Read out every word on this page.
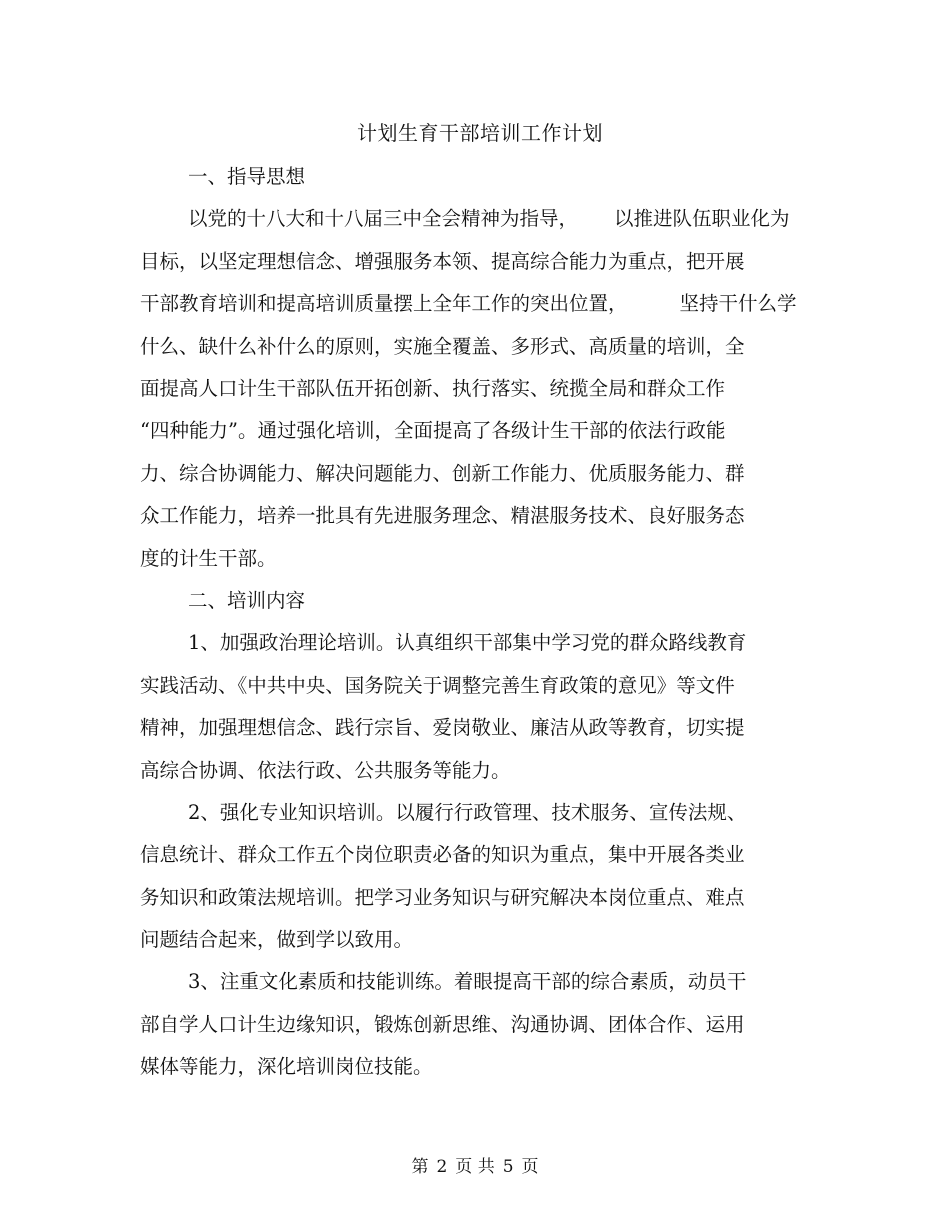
计划生育干部培训工作计划
一、指导思想
以党的十八大和十八届三中全会精神为指导， 以推进队伍职业化为
目标，以坚定理想信念、增强服务本领、提高综合能力为重点，把开展
干部教育培训和提高培训质量摆上全年工作的突出位置，	坚持干什么学
什么、缺什么补什么的原则，实施全覆盖、多形式、高质量的培训，全
面提高人口计生干部队伍开拓创新、执行落实、统揽全局和群众工作
“四种能力”。通过强化培训，全面提高了各级计生干部的依法行政能
力、综合协调能力、解决问题能力、创新工作能力、优质服务能力、群
众工作能力，培养一批具有先进服务理念、精湛服务技术、良好服务态
度的计生干部。
二、培训内容
1、加强政治理论培训。认真组织干部集中学习党的群众路线教育
实践活动、《中共中央、国务院关于调整完善生育政策的意见》等文件
精神，加强理想信念、践行宗旨、爱岗敬业、廉洁从政等教育，切实提
高综合协调、依法行政、公共服务等能力。
2、强化专业知识培训。以履行行政管理、技术服务、宣传法规、
信息统计、群众工作五个岗位职责必备的知识为重点，集中开展各类业
务知识和政策法规培训。把学习业务知识与研究解决本岗位重点、难点
问题结合起来，做到学以致用。
3、注重文化素质和技能训练。着眼提高干部的综合素质，动员干
部自学人口计生边缘知识，锻炼创新思维、沟通协调、团体合作、运用
媒体等能力，深化培训岗位技能。
第 2 页 共 5 页
